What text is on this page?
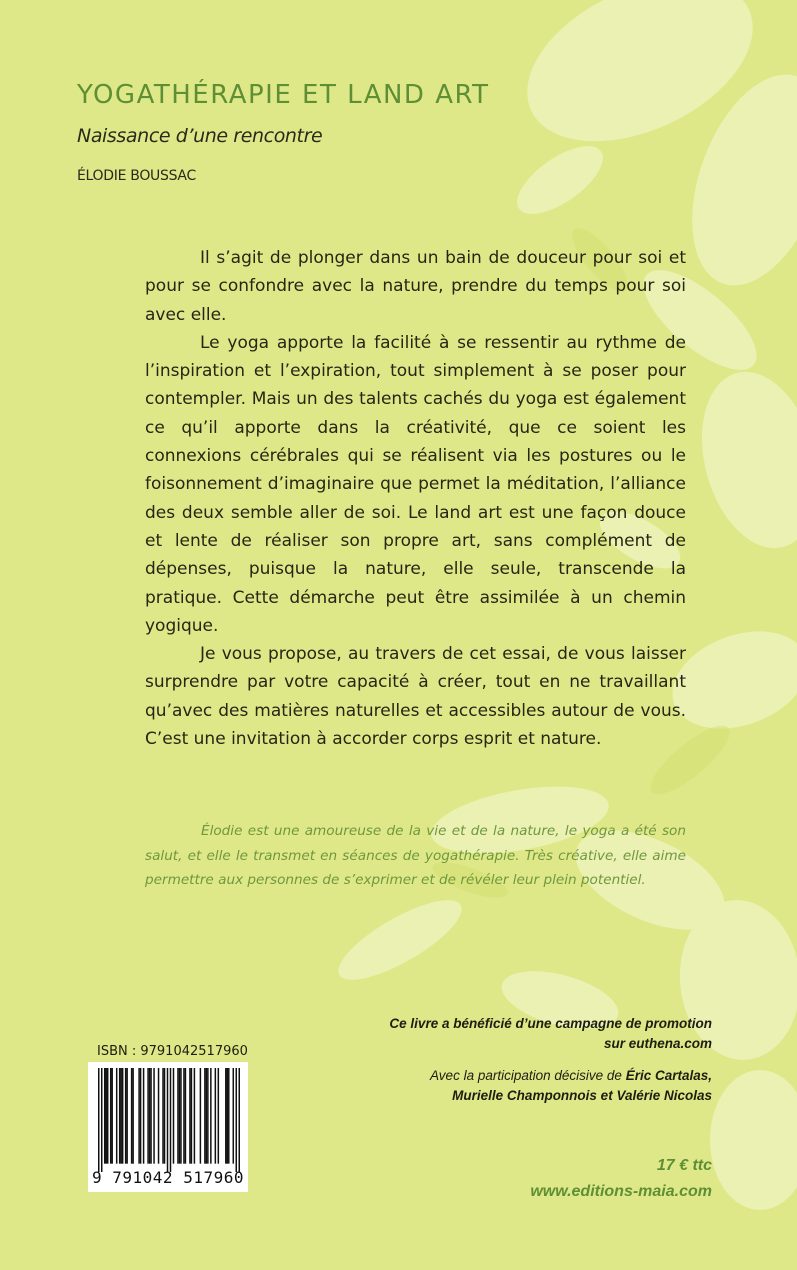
YOGATHÉRAPIE ET LAND ART

Naissance d’une rencontre

ÉLODIE BOUSSAC

Il s’agit de plonger dans un bain de douceur pour soi et pour se confondre avec la nature, prendre du temps pour soi avec elle.

Le yoga apporte la facilité à se ressentir au rythme de l’inspiration et l’expiration, tout simplement à se poser pour contempler. Mais un des talents cachés du yoga est également ce qu’il apporte dans la créativité, que ce soient les connexions cérébrales qui se réalisent via les postures ou le foisonnement d’imaginaire que permet la méditation, l’alliance des deux semble aller de soi. Le land art est une façon douce et lente de réaliser son propre art, sans complément de dépenses, puisque la nature, elle seule, transcende la pratique. Cette démarche peut être assimilée à un chemin yogique.

Je vous propose, au travers de cet essai, de vous laisser surprendre par votre capacité à créer, tout en ne travaillant qu’avec des matières naturelles et accessibles autour de vous. C’est une invitation à accorder corps esprit et nature.

Élodie est une amoureuse de la vie et de la nature, le yoga a été son salut, et elle le transmet en séances de yogathérapie. Très créative, elle aime permettre aux personnes de s’exprimer et de révéler leur plein potentiel.

Ce livre a bénéficié d’une campagne de promotion
sur euthena.com

Avec la participation décisive de Éric Cartalas,
Murielle Champonnois et Valérie Nicolas

17 € ttc

www.editions-maia.com

ISBN : 9791042517960

9 791042 517960
